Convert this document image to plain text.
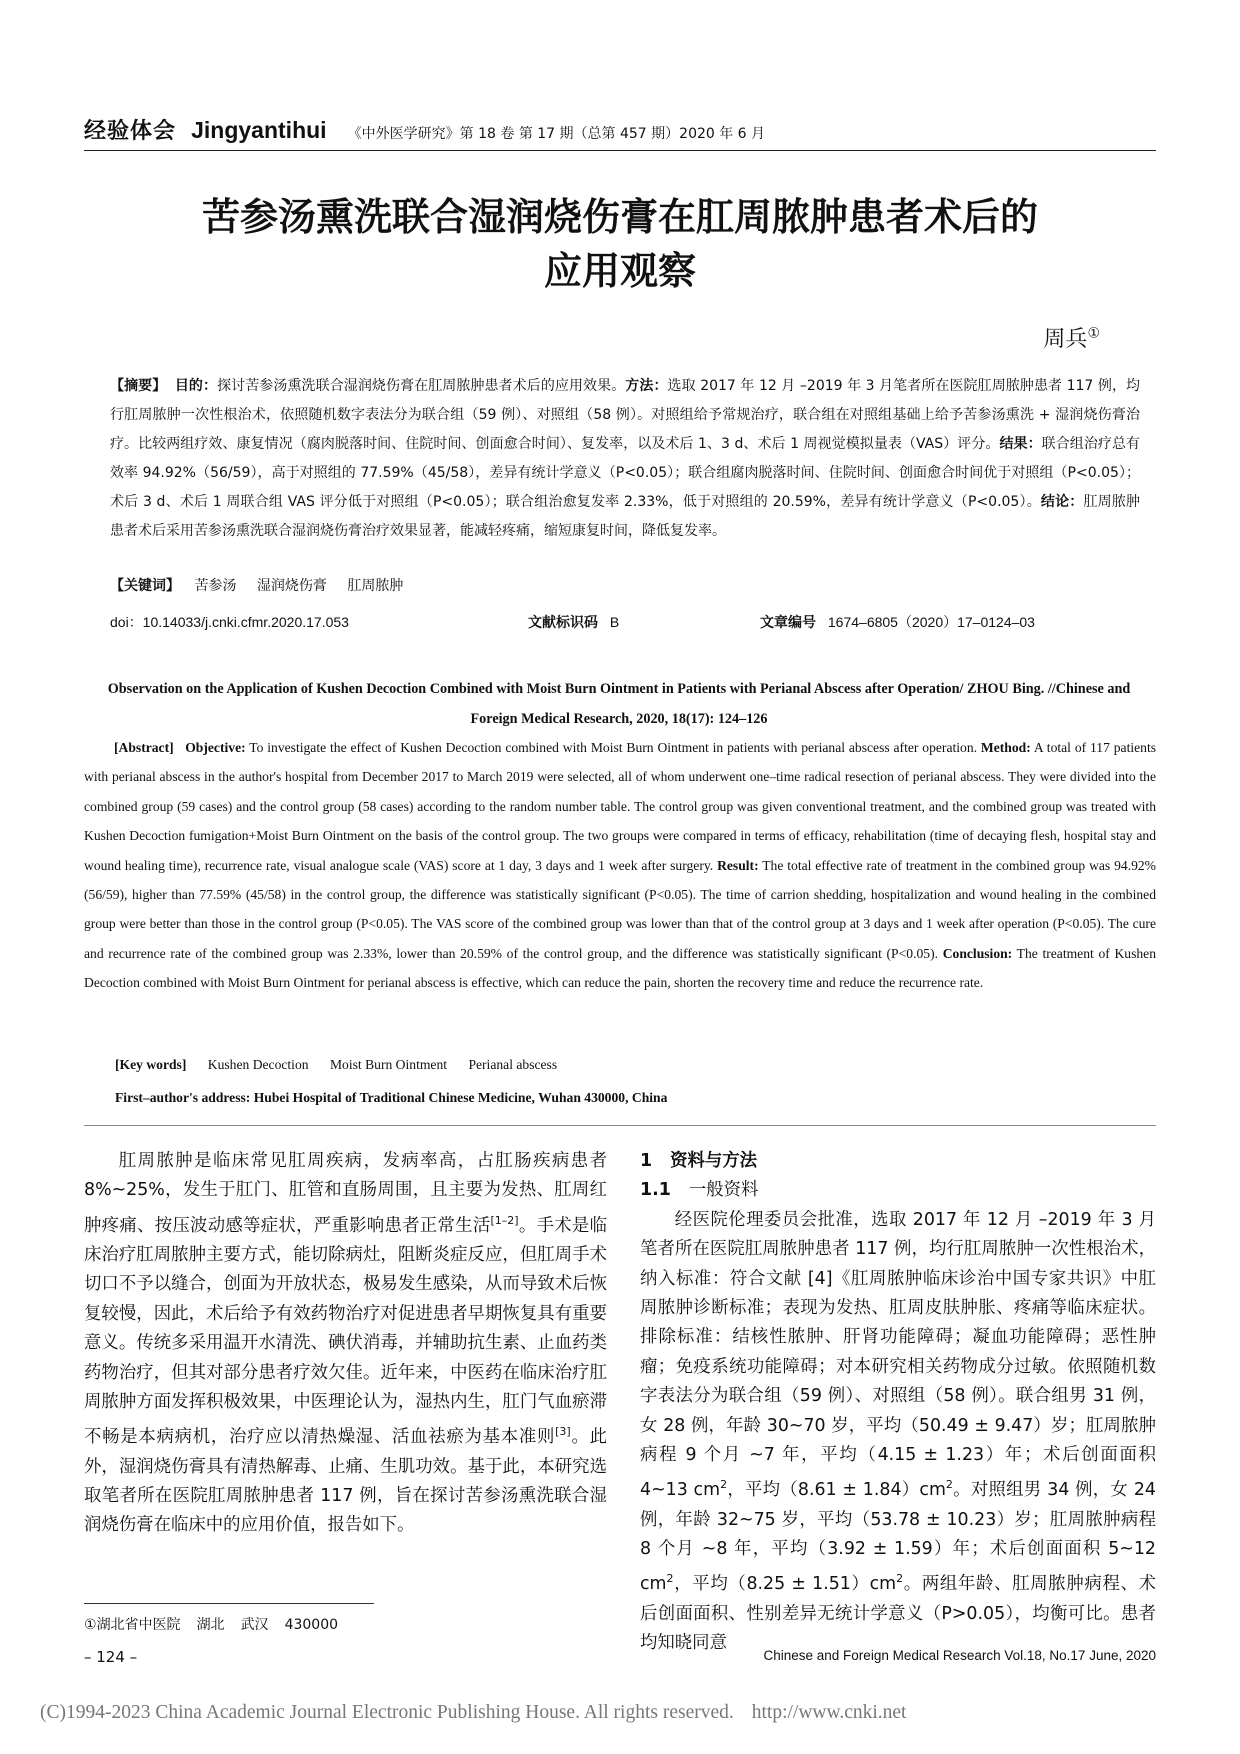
经验体会 Jingyantihui 《中外医学研究》第 18 卷 第 17 期（总第 457 期）2020 年 6 月
苦参汤熏洗联合湿润烧伤膏在肛周脓肿患者术后的
应用观察
周兵①
【摘要】 目的：探讨苦参汤熏洗联合湿润烧伤膏在肛周脓肿患者术后的应用效果。方法：选取 2017 年 12 月 –2019 年 3 月笔者所在医院肛周脓肿患者 117 例，均行肛周脓肿一次性根治术，依照随机数字表法分为联合组（59 例）、对照组（58 例）。对照组给予常规治疗，联合组在对照组基础上给予苦参汤熏洗 + 湿润烧伤膏治疗。比较两组疗效、康复情况（腐肉脱落时间、住院时间、创面愈合时间）、复发率，以及术后 1、3 d、术后 1 周视觉模拟量表（VAS）评分。结果：联合组治疗总有效率 94.92%（56/59），高于对照组的 77.59%（45/58），差异有统计学意义（P<0.05）；联合组腐肉脱落时间、住院时间、创面愈合时间优于对照组（P<0.05）；术后 3 d、术后 1 周联合组 VAS 评分低于对照组（P<0.05）；联合组治愈复发率 2.33%，低于对照组的 20.59%，差异有统计学意义（P<0.05）。结论：肛周脓肿患者术后采用苦参汤熏洗联合湿润烧伤膏治疗效果显著，能减轻疼痛，缩短康复时间，降低复发率。
【关键词】 苦参汤 湿润烧伤膏 肛周脓肿
doi：10.14033/j.cnki.cfmr.2020.17.053	文献标识码 B	文章编号 1674–6805（2020）17–0124–03
Observation on the Application of Kushen Decoction Combined with Moist Burn Ointment in Patients with Perianal Abscess after Operation/ ZHOU Bing. //Chinese and Foreign Medical Research, 2020, 18(17): 124–126
[Abstract] Objective: To investigate the effect of Kushen Decoction combined with Moist Burn Ointment in patients with perianal abscess after operation. Method: A total of 117 patients with perianal abscess in the author's hospital from December 2017 to March 2019 were selected, all of whom underwent one–time radical resection of perianal abscess. They were divided into the combined group (59 cases) and the control group (58 cases) according to the random number table. The control group was given conventional treatment, and the combined group was treated with Kushen Decoction fumigation+Moist Burn Ointment on the basis of the control group. The two groups were compared in terms of efficacy, rehabilitation (time of decaying flesh, hospital stay and wound healing time), recurrence rate, visual analogue scale (VAS) score at 1 day, 3 days and 1 week after surgery. Result: The total effective rate of treatment in the combined group was 94.92% (56/59), higher than 77.59% (45/58) in the control group, the difference was statistically significant (P<0.05). The time of carrion shedding, hospitalization and wound healing in the combined group were better than those in the control group (P<0.05). The VAS score of the combined group was lower than that of the control group at 3 days and 1 week after operation (P<0.05). The cure and recurrence rate of the combined group was 2.33%, lower than 20.59% of the control group, and the difference was statistically significant (P<0.05). Conclusion: The treatment of Kushen Decoction combined with Moist Burn Ointment for perianal abscess is effective, which can reduce the pain, shorten the recovery time and reduce the recurrence rate.
[Key words] Kushen Decoction Moist Burn Ointment Perianal abscess
First–author's address: Hubei Hospital of Traditional Chinese Medicine, Wuhan 430000, China

肛周脓肿是临床常见肛周疾病，发病率高，占肛肠疾病患者 8%~25%，发生于肛门、肛管和直肠周围，且主要为发热、肛周红肿疼痛、按压波动感等症状，严重影响患者正常生活[1–2]。手术是临床治疗肛周脓肿主要方式，能切除病灶，阻断炎症反应，但肛周手术切口不予以缝合，创面为开放状态，极易发生感染，从而导致术后恢复较慢，因此，术后给予有效药物治疗对促进患者早期恢复具有重要意义。传统多采用温开水清洗、碘伏消毒，并辅助抗生素、止血药类药物治疗，但其对部分患者疗效欠佳。近年来，中医药在临床治疗肛周脓肿方面发挥积极效果，中医理论认为，湿热内生，肛门气血瘀滞不畅是本病病机，治疗应以清热燥湿、活血祛瘀为基本准则[3]。此外，湿润烧伤膏具有清热解毒、止痛、生肌功效。基于此，本研究选取笔者所在医院肛周脓肿患者 117 例，旨在探讨苦参汤熏洗联合湿润烧伤膏在临床中的应用价值，报告如下。

1 资料与方法

1.1 一般资料

经医院伦理委员会批准，选取 2017 年 12 月 –2019 年 3 月笔者所在医院肛周脓肿患者 117 例，均行肛周脓肿一次性根治术，纳入标准：符合文献 [4]《肛周脓肿临床诊治中国专家共识》中肛周脓肿诊断标准；表现为发热、肛周皮肤肿胀、疼痛等临床症状。排除标准：结核性脓肿、肝肾功能障碍；凝血功能障碍；恶性肿瘤；免疫系统功能障碍；对本研究相关药物成分过敏。依照随机数字表法分为联合组（59 例）、对照组（58 例）。联合组男 31 例，女 28 例，年龄 30~70 岁，平均（50.49 ± 9.47）岁；肛周脓肿病程 9 个月 ~7 年，平均（4.15 ± 1.23）年；术后创面面积 4~13 cm$^2$，平均（8.61 ± 1.84）cm$^2$。对照组男 34 例，女 24 例，年龄 32~75 岁，平均（53.78 ± 10.23）岁；肛周脓肿病程 8 个月 ~8 年，平均（3.92 ± 1.59）年；术后创面面积 5~12 cm$^2$，平均（8.25 ± 1.51）cm$^2$。两组年龄、肛周脓肿病程、术后创面面积、性别差异无统计学意义（P>0.05），均衡可比。患者均知晓同意

①湖北省中医院 湖北 武汉 430000
– 124 –	Chinese and Foreign Medical Research Vol.18, No.17 June, 2020
(C)1994-2023 China Academic Journal Electronic Publishing House. All rights reserved. http://www.cnki.net
